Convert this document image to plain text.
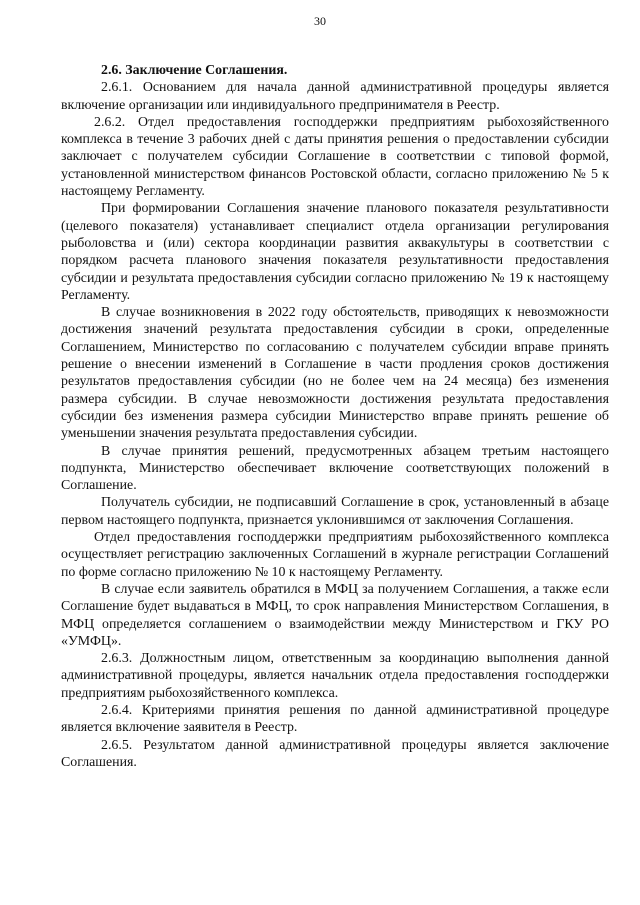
30

2.6. Заключение Соглашения.

2.6.1. Основанием для начала данной административной процедуры является включение организации или индивидуального предпринимателя в Реестр.

2.6.2. Отдел предоставления господдержки предприятиям рыбохозяйственного комплекса в течение 3 рабочих дней с даты принятия решения о предоставлении субсидии заключает с получателем субсидии Соглашение в соответствии с типовой формой, установленной министерством финансов Ростовской области, согласно приложению № 5 к настоящему Регламенту.

При формировании Соглашения значение планового показателя результативности (целевого показателя) устанавливает специалист отдела организации регулирования рыболовства и (или) сектора координации развития аквакультуры в соответствии с порядком расчета планового значения показателя результативности предоставления субсидии и результата предоставления субсидии согласно приложению № 19 к настоящему Регламенту.

В случае возникновения в 2022 году обстоятельств, приводящих к невозможности достижения значений результата предоставления субсидии в сроки, определенные Соглашением, Министерство по согласованию с получателем субсидии вправе принять решение о внесении изменений в Соглашение в части продления сроков достижения результатов предоставления субсидии (но не более чем на 24 месяца) без изменения размера субсидии. В случае невозможности достижения результата предоставления субсидии без изменения размера субсидии Министерство вправе принять решение об уменьшении значения результата предоставления субсидии.

В случае принятия решений, предусмотренных абзацем третьим настоящего подпункта, Министерство обеспечивает включение соответствующих положений в Соглашение.

Получатель субсидии, не подписавший Соглашение в срок, установленный в абзаце первом настоящего подпункта, признается уклонившимся от заключения Соглашения.

Отдел предоставления господдержки предприятиям рыбохозяйственного комплекса осуществляет регистрацию заключенных Соглашений в журнале регистрации Соглашений по форме согласно приложению № 10 к настоящему Регламенту.

В случае если заявитель обратился в МФЦ за получением Соглашения, а также если Соглашение будет выдаваться в МФЦ, то срок направления Министерством Соглашения, в МФЦ определяется соглашением о взаимодействии между Министерством и ГКУ РО «УМФЦ».

2.6.3. Должностным лицом, ответственным за координацию выполнения данной административной процедуры, является начальник отдела предоставления господдержки предприятиям рыбохозяйственного комплекса.

2.6.4. Критериями принятия решения по данной административной процедуре является включение заявителя в Реестр.

2.6.5. Результатом данной административной процедуры является заключение Соглашения.
